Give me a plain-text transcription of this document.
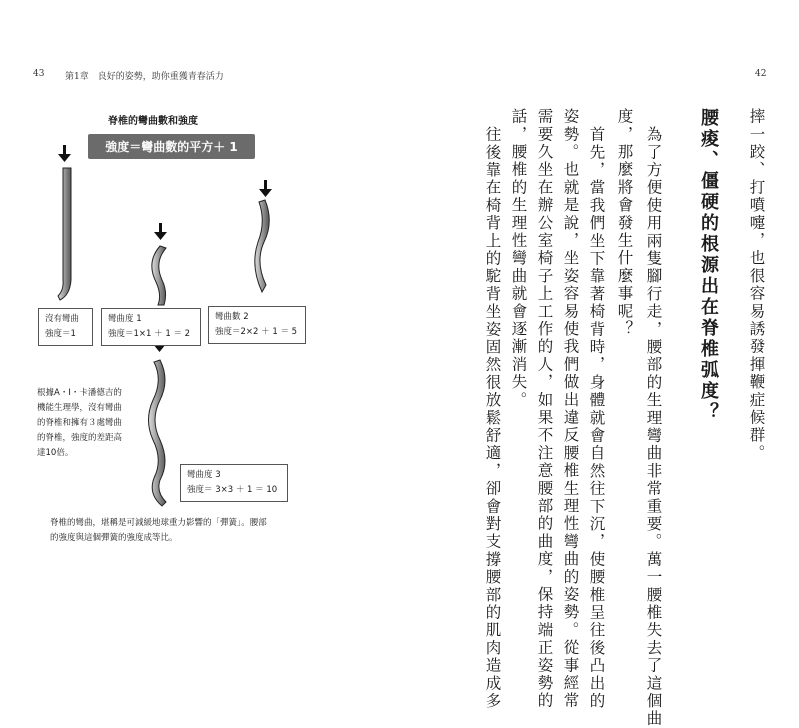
43 第1章　良好的姿勢，助你重獲青春活力
脊椎的彎曲數和強度
強度＝彎曲數的平方＋ 1
沒有彎曲
強度＝1
彎曲度 1
強度＝1×1 ＋ 1 ＝ 2
彎曲數 2
強度＝2×2 ＋ 1 ＝ 5
彎曲度 3
強度＝ 3×3 ＋ 1 ＝ 10
根據A・I・卡潘德吉的
機能生理學，沒有彎曲
的脊椎和擁有３處彎曲
的脊椎，強度的差距高
達10倍。
脊椎的彎曲，堪稱是可減緩地球重力影響的「彈簧」。腰部
的強度與這個彈簧的強度成等比。
42
摔一跤、打噴嚏，也很容易誘發揮鞭症候群。
腰痠、僵硬的根源出在脊椎弧度？
為了方便使用兩隻腳行走，腰部的生理彎曲非常重要。萬一腰椎失去了這個曲
度，那麼將會發生什麼事呢？
首先，當我們坐下靠著椅背時，身體就會自然往下沉，使腰椎呈往後凸出的
姿勢。也就是說，坐姿容易使我們做出違反腰椎生理性彎曲的姿勢。從事經常
需要久坐在辦公室椅子上工作的人，如果不注意腰部的曲度，保持端正姿勢的
話，腰椎的生理性彎曲就會逐漸消失。
往後靠在椅背上的駝背坐姿固然很放鬆舒適，卻會對支撐腰部的肌肉造成多
